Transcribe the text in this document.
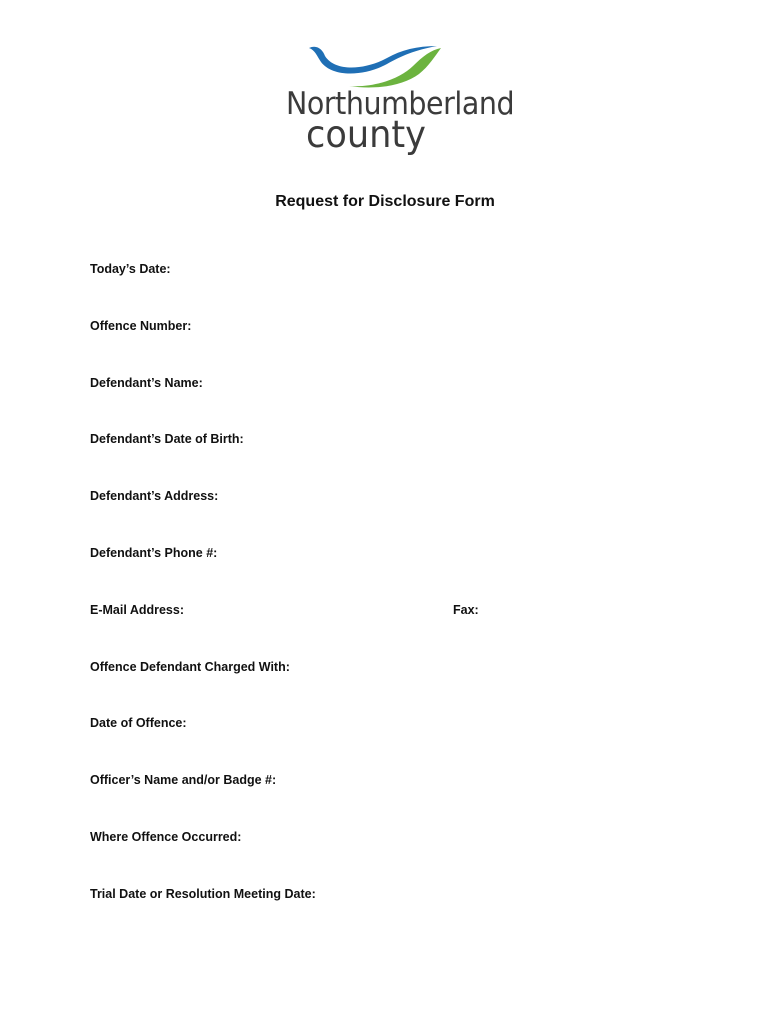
Northumberland
county
Request for Disclosure Form
Today’s Date:
Offence Number:
Defendant’s Name:
Defendant’s Date of Birth:
Defendant’s Address:
Defendant’s Phone #:
E-Mail Address:	Fax:
Offence Defendant Charged With:
Date of Offence:
Officer’s Name and/or Badge #:
Where Offence Occurred:
Trial Date or Resolution Meeting Date:
